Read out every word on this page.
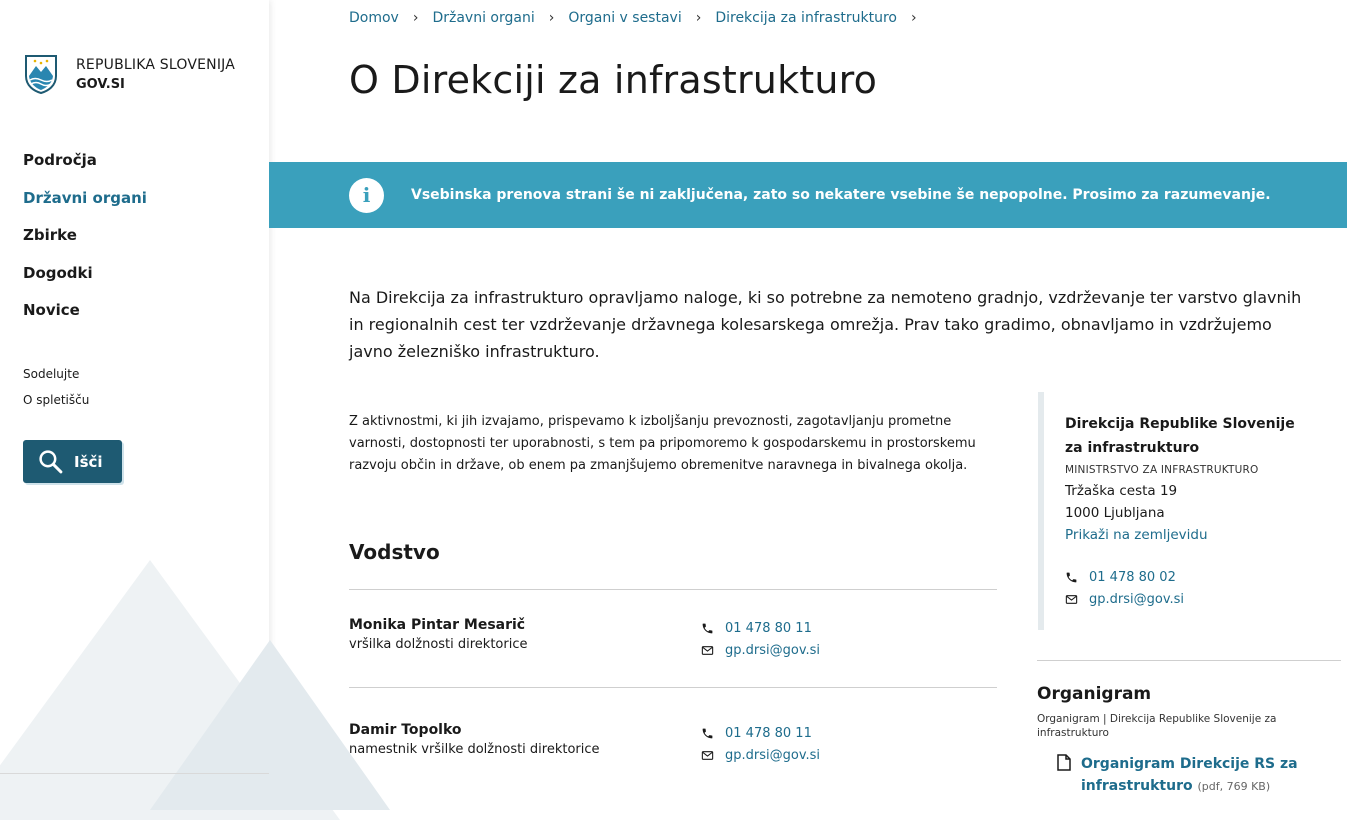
REPUBLIKA SLOVENIJA
GOV.SI
Področja
Državni organi
Zbirke
Dogodki
Novice
Sodelujte
O spletišču
Išči
Domov › Državni organi › Organi v sestavi › Direkcija za infrastrukturo ›
O Direkciji za infrastrukturo
i	Vsebinska prenova strani še ni zaključena, zato so nekatere vsebine še nepopolne. Prosimo za razumevanje.

Na Direkcija za infrastrukturo opravljamo naloge, ki so potrebne za nemoteno gradnjo, vzdrževanje ter varstvo glavnih in regionalnih cest ter vzdrževanje državnega kolesarskega omrežja. Prav tako gradimo, obnavljamo in vzdržujemo javno železniško infrastrukturo.

Z aktivnostmi, ki jih izvajamo, prispevamo k izboljšanju prevoznosti, zagotavljanju prometne varnosti, dostopnosti ter uporabnosti, s tem pa pripomoremo k gospodarskemu in prostorskemu razvoju občin in države, ob enem pa zmanjšujemo obremenitve naravnega in bivalnega okolja.

Vodstvo
Monika Pintar Mesarič
vršilka dolžnosti direktorice
01 478 80 11
gp.drsi@gov.si
Damir Topolko
namestnik vršilke dolžnosti direktorice
01 478 80 11
gp.drsi@gov.si
Direkcija Republike Slovenije za infrastrukturo
MINISTRSTVO ZA INFRASTRUKTURO
Tržaška cesta 19
1000 Ljubljana
Prikaži na zemljevidu
01 478 80 02
gp.drsi@gov.si
Organigram
Organigram | Direkcija Republike Slovenije za infrastrukturo
Organigram Direkcije RS za infrastrukturo (pdf, 769 KB)
